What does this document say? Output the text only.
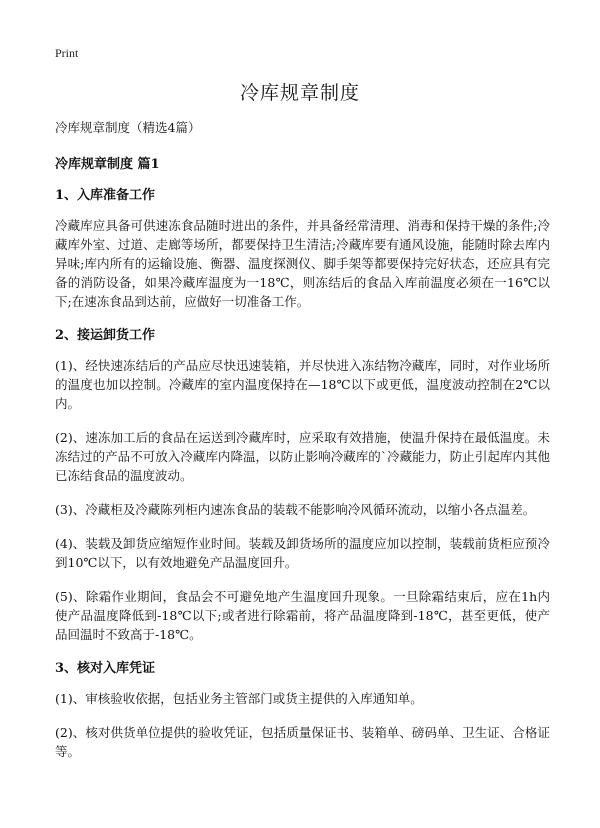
Print
冷库规章制度

冷库规章制度（精选4篇）

冷库规章制度 篇1

1、入库准备工作

冷藏库应具备可供速冻食品随时进出的条件，并具备经常清理、消毒和保持干燥的条件;冷藏库外室、过道、走廊等场所，都要保持卫生清洁;冷藏库要有通风设施，能随时除去库内异味;库内所有的运输设施、衡器、温度探测仪、脚手架等都要保持完好状态，还应具有完备的消防设备，如果冷藏库温度为一18℃，则冻结后的食品入库前温度必须在一16℃以下;在速冻食品到达前，应做好一切准备工作。

2、接运卸货工作

(1)、经快速冻结后的产品应尽快迅速装箱，并尽快进入冻结物冷藏库，同时，对作业场所的温度也加以控制。冷藏库的室内温度保持在—18℃以下或更低，温度波动控制在2℃以内。

(2)、速冻加工后的食品在运送到冷藏库时，应采取有效措施，使温升保持在最低温度。未冻结过的产品不可放入冷藏库内降温，以防止影响冷藏库的`冷藏能力，防止引起库内其他已冻结食品的温度波动。

(3)、冷藏柜及冷藏陈列柜内速冻食品的装载不能影响冷风循环流动，以缩小各点温差。

(4)、装载及卸货应缩短作业时间。装载及卸货场所的温度应加以控制，装载前货柜应预冷到10℃以下，以有效地避免产品温度回升。

(5)、除霜作业期间，食品会不可避免地产生温度回升现象。一旦除霜结束后，应在1h内使产品温度降低到-18℃以下;或者进行除霜前，将产品温度降到-18℃，甚至更低，使产品回温时不致高于-18℃。

3、核对入库凭证

(1)、审核验收依据，包括业务主管部门或货主提供的入库通知单。

(2)、核对供货单位提供的验收凭证，包括质量保证书、装箱单、磅码单、卫生证、合格证等。
